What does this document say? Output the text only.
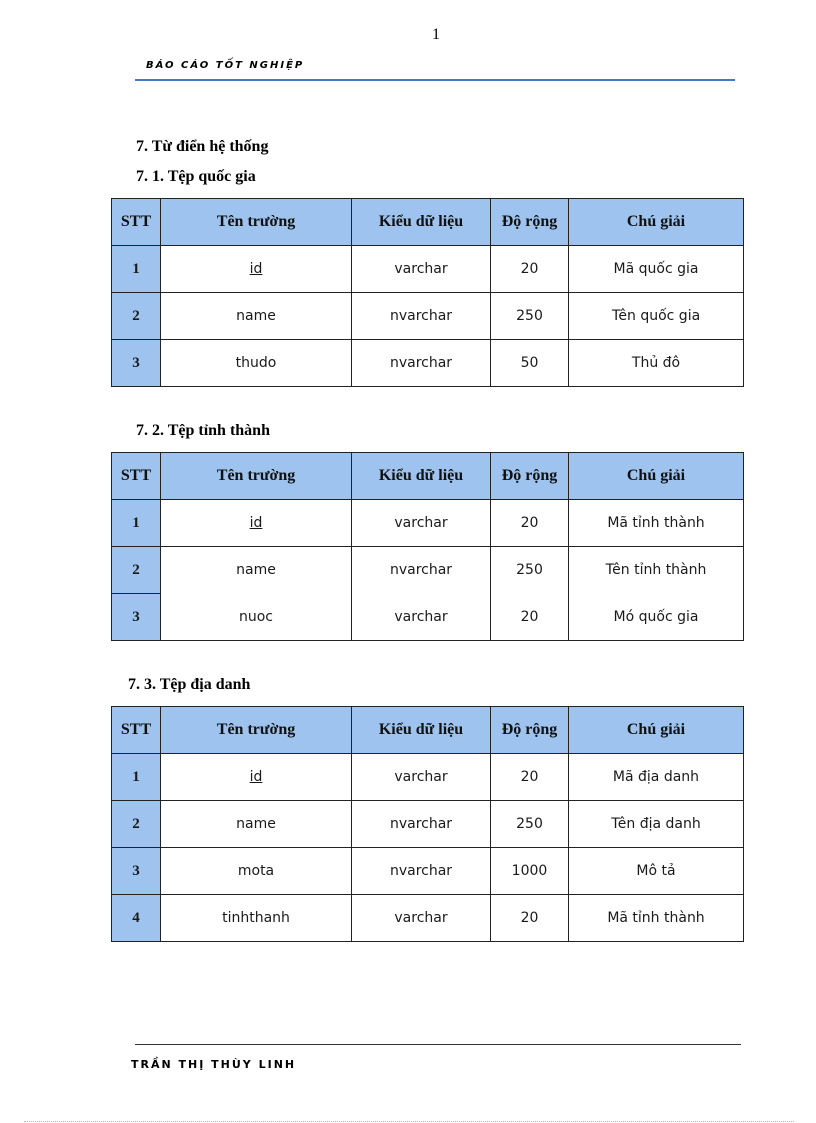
1
BÁO CÁO TỐT NGHIỆP
7. Từ điển hệ thống
7. 1. Tệp quốc gia
STT	Tên trường	Kiểu dữ liệu	Độ rộng	Chú giải
1	id	varchar	20	Mã quốc gia
2	name	nvarchar	250	Tên quốc gia
3	thudo	nvarchar	50	Thủ đô
7. 2. Tệp tỉnh thành
STT	Tên trường	Kiểu dữ liệu	Độ rộng	Chú giải
1	id	varchar	20	Mã tỉnh thành
2	name	nvarchar	250	Tên tỉnh thành
3	nuoc	varchar	20	Mó quốc gia
7. 3. Tệp địa danh
STT	Tên trường	Kiểu dữ liệu	Độ rộng	Chú giải
1	id	varchar	20	Mã địa danh
2	name	nvarchar	250	Tên địa danh
3	mota	nvarchar	1000	Mô tả
4	tinhthanh	varchar	20	Mã tỉnh thành
TRẦN THỊ THÙY LINH
